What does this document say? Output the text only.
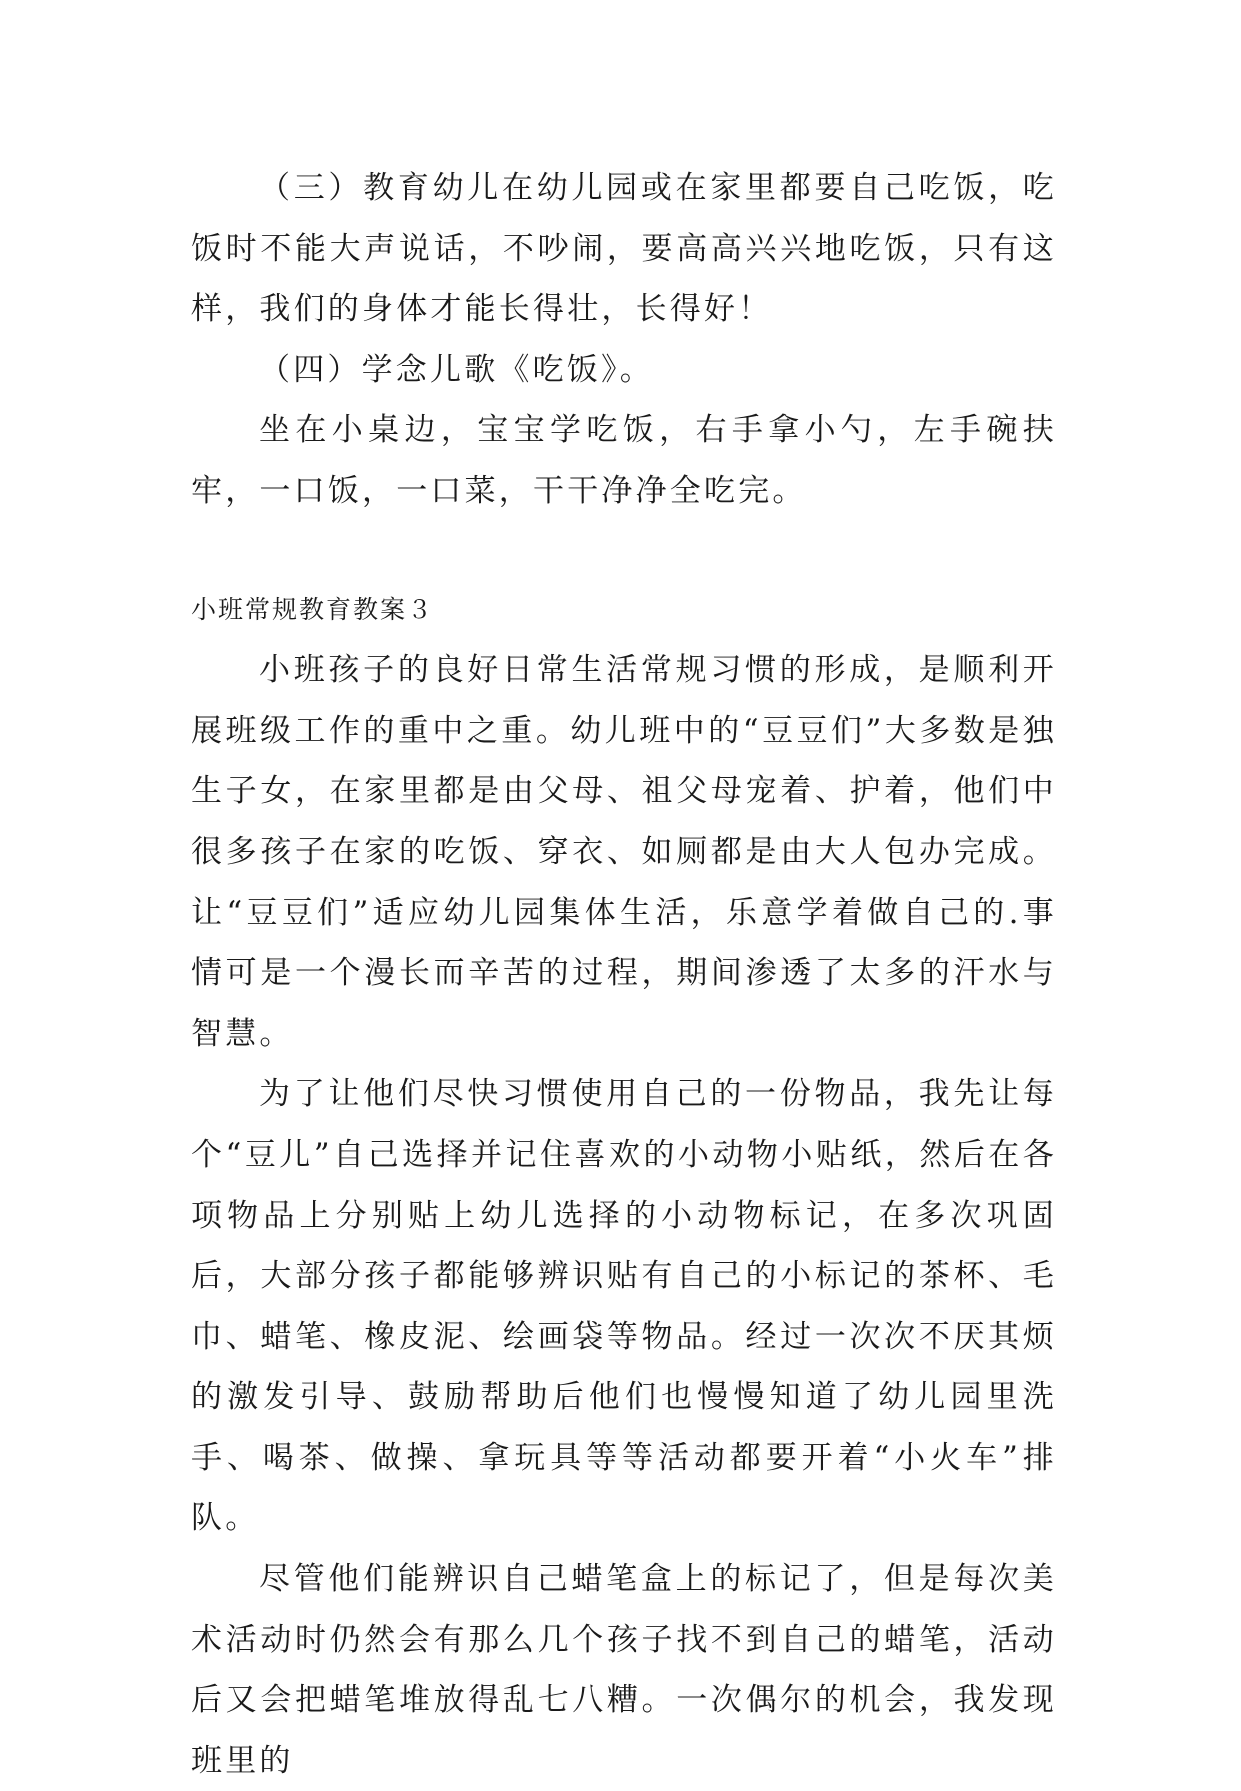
（三）教育幼儿在幼儿园或在家里都要自己吃饭，吃饭时不能大声说话，不吵闹，要高高兴兴地吃饭，只有这样，我们的身体才能长得壮，长得好！

（四）学念儿歌《吃饭》。

坐在小桌边，宝宝学吃饭，右手拿小勺，左手碗扶牢，一口饭，一口菜，干干净净全吃完。

小班常规教育教案３

小班孩子的良好日常生活常规习惯的形成，是顺利开展班级工作的重中之重。幼儿班中的“豆豆们”大多数是独生子女，在家里都是由父母、祖父母宠着、护着，他们中很多孩子在家的吃饭、穿衣、如厕都是由大人包办完成。让“豆豆们”适应幼儿园集体生活，乐意学着做自己的.事情可是一个漫长而辛苦的过程，期间渗透了太多的汗水与智慧。

为了让他们尽快习惯使用自己的一份物品，我先让每个“豆儿”自己选择并记住喜欢的小动物小贴纸，然后在各项物品上分别贴上幼儿选择的小动物标记，在多次巩固后，大部分孩子都能够辨识贴有自己的小标记的茶杯、毛巾、蜡笔、橡皮泥、绘画袋等物品。经过一次次不厌其烦的激发引导、鼓励帮助后他们也慢慢知道了幼儿园里洗手、喝茶、做操、拿玩具等等活动都要开着“小火车”排队。

尽管他们能辨识自己蜡笔盒上的标记了，但是每次美术活动时仍然会有那么几个孩子找不到自己的蜡笔，活动后又会把蜡笔堆放得乱七八糟。一次偶尔的机会，我发现班里的
